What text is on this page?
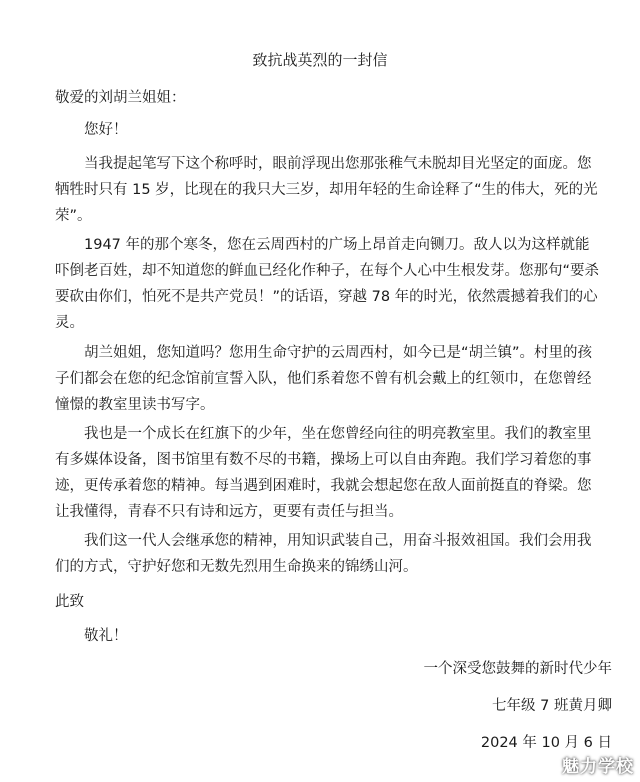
致抗战英烈的一封信
敬爱的刘胡兰姐姐：
您好！
当我提起笔写下这个称呼时，眼前浮现出您那张稚气未脱却目光坚定的面庞。您牺牲时只有 15 岁，比现在的我只大三岁，却用年轻的生命诠释了“生的伟大，死的光荣”。
1947 年的那个寒冬，您在云周西村的广场上昂首走向铡刀。敌人以为这样就能吓倒老百姓，却不知道您的鲜血已经化作种子，在每个人心中生根发芽。您那句“要杀要砍由你们，怕死不是共产党员！”的话语，穿越 78 年的时光，依然震撼着我们的心灵。
胡兰姐姐，您知道吗？您用生命守护的云周西村，如今已是“胡兰镇”。村里的孩子们都会在您的纪念馆前宣誓入队，他们系着您不曾有机会戴上的红领巾，在您曾经憧憬的教室里读书写字。
我也是一个成长在红旗下的少年，坐在您曾经向往的明亮教室里。我们的教室里有多媒体设备，图书馆里有数不尽的书籍，操场上可以自由奔跑。我们学习着您的事迹，更传承着您的精神。每当遇到困难时，我就会想起您在敌人面前挺直的脊梁。您让我懂得，青春不只有诗和远方，更要有责任与担当。
我们这一代人会继承您的精神，用知识武装自己，用奋斗报效祖国。我们会用我们的方式，守护好您和无数先烈用生命换来的锦绣山河。
此致
敬礼！
一个深受您鼓舞的新时代少年
七年级 7 班黄月卿
2024 年 10 月 6 日
魅力学校
